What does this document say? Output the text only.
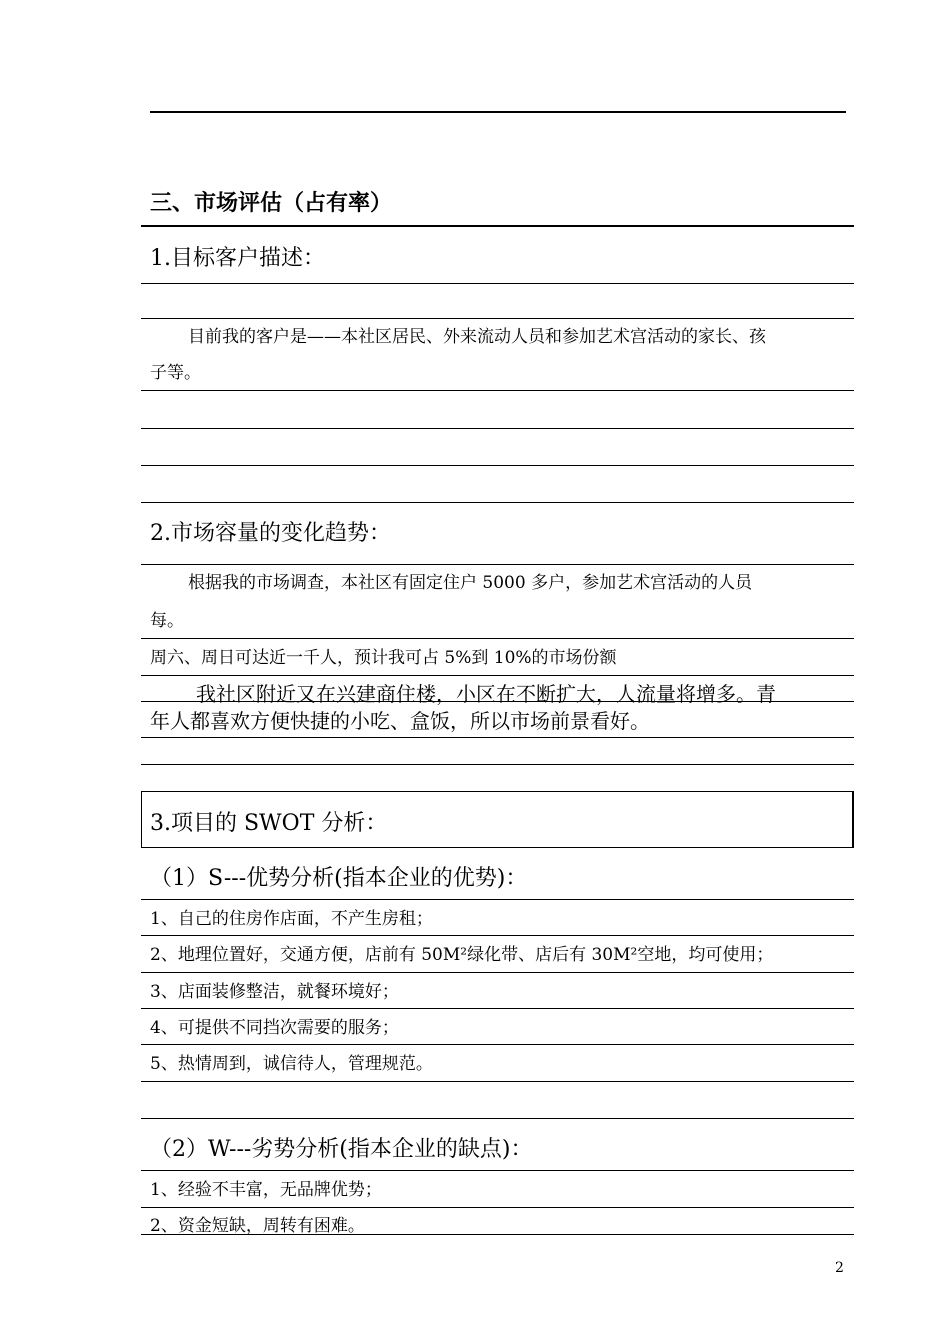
三、市场评估（占有率）
1.目标客户描述：
目前我的客户是——本社区居民、外来流动人员和参加艺术宫活动的家长、孩
子等。
2.市场容量的变化趋势：
根据我的市场调查，本社区有固定住户 5000 多户，参加艺术宫活动的人员
每。
周六、周日可达近一千人，预计我可占 5%到 10%的市场份额
我社区附近又在兴建商住楼，小区在不断扩大，人流量将增多。青
年人都喜欢方便快捷的小吃、盒饭，所以市场前景看好。
3.项目的 SWOT 分析：
（1）S---优势分析(指本企业的优势)：
1、自己的住房作店面，不产生房租；
2、地理位置好，交通方便，店前有 50M²绿化带、店后有 30M²空地，均可使用；
3、店面装修整洁，就餐环境好；
4、可提供不同挡次需要的服务；
5、热情周到，诚信待人，管理规范。
（2）W---劣势分析(指本企业的缺点)：
1、经验不丰富，无品牌优势；
2、资金短缺，周转有困难。
2
